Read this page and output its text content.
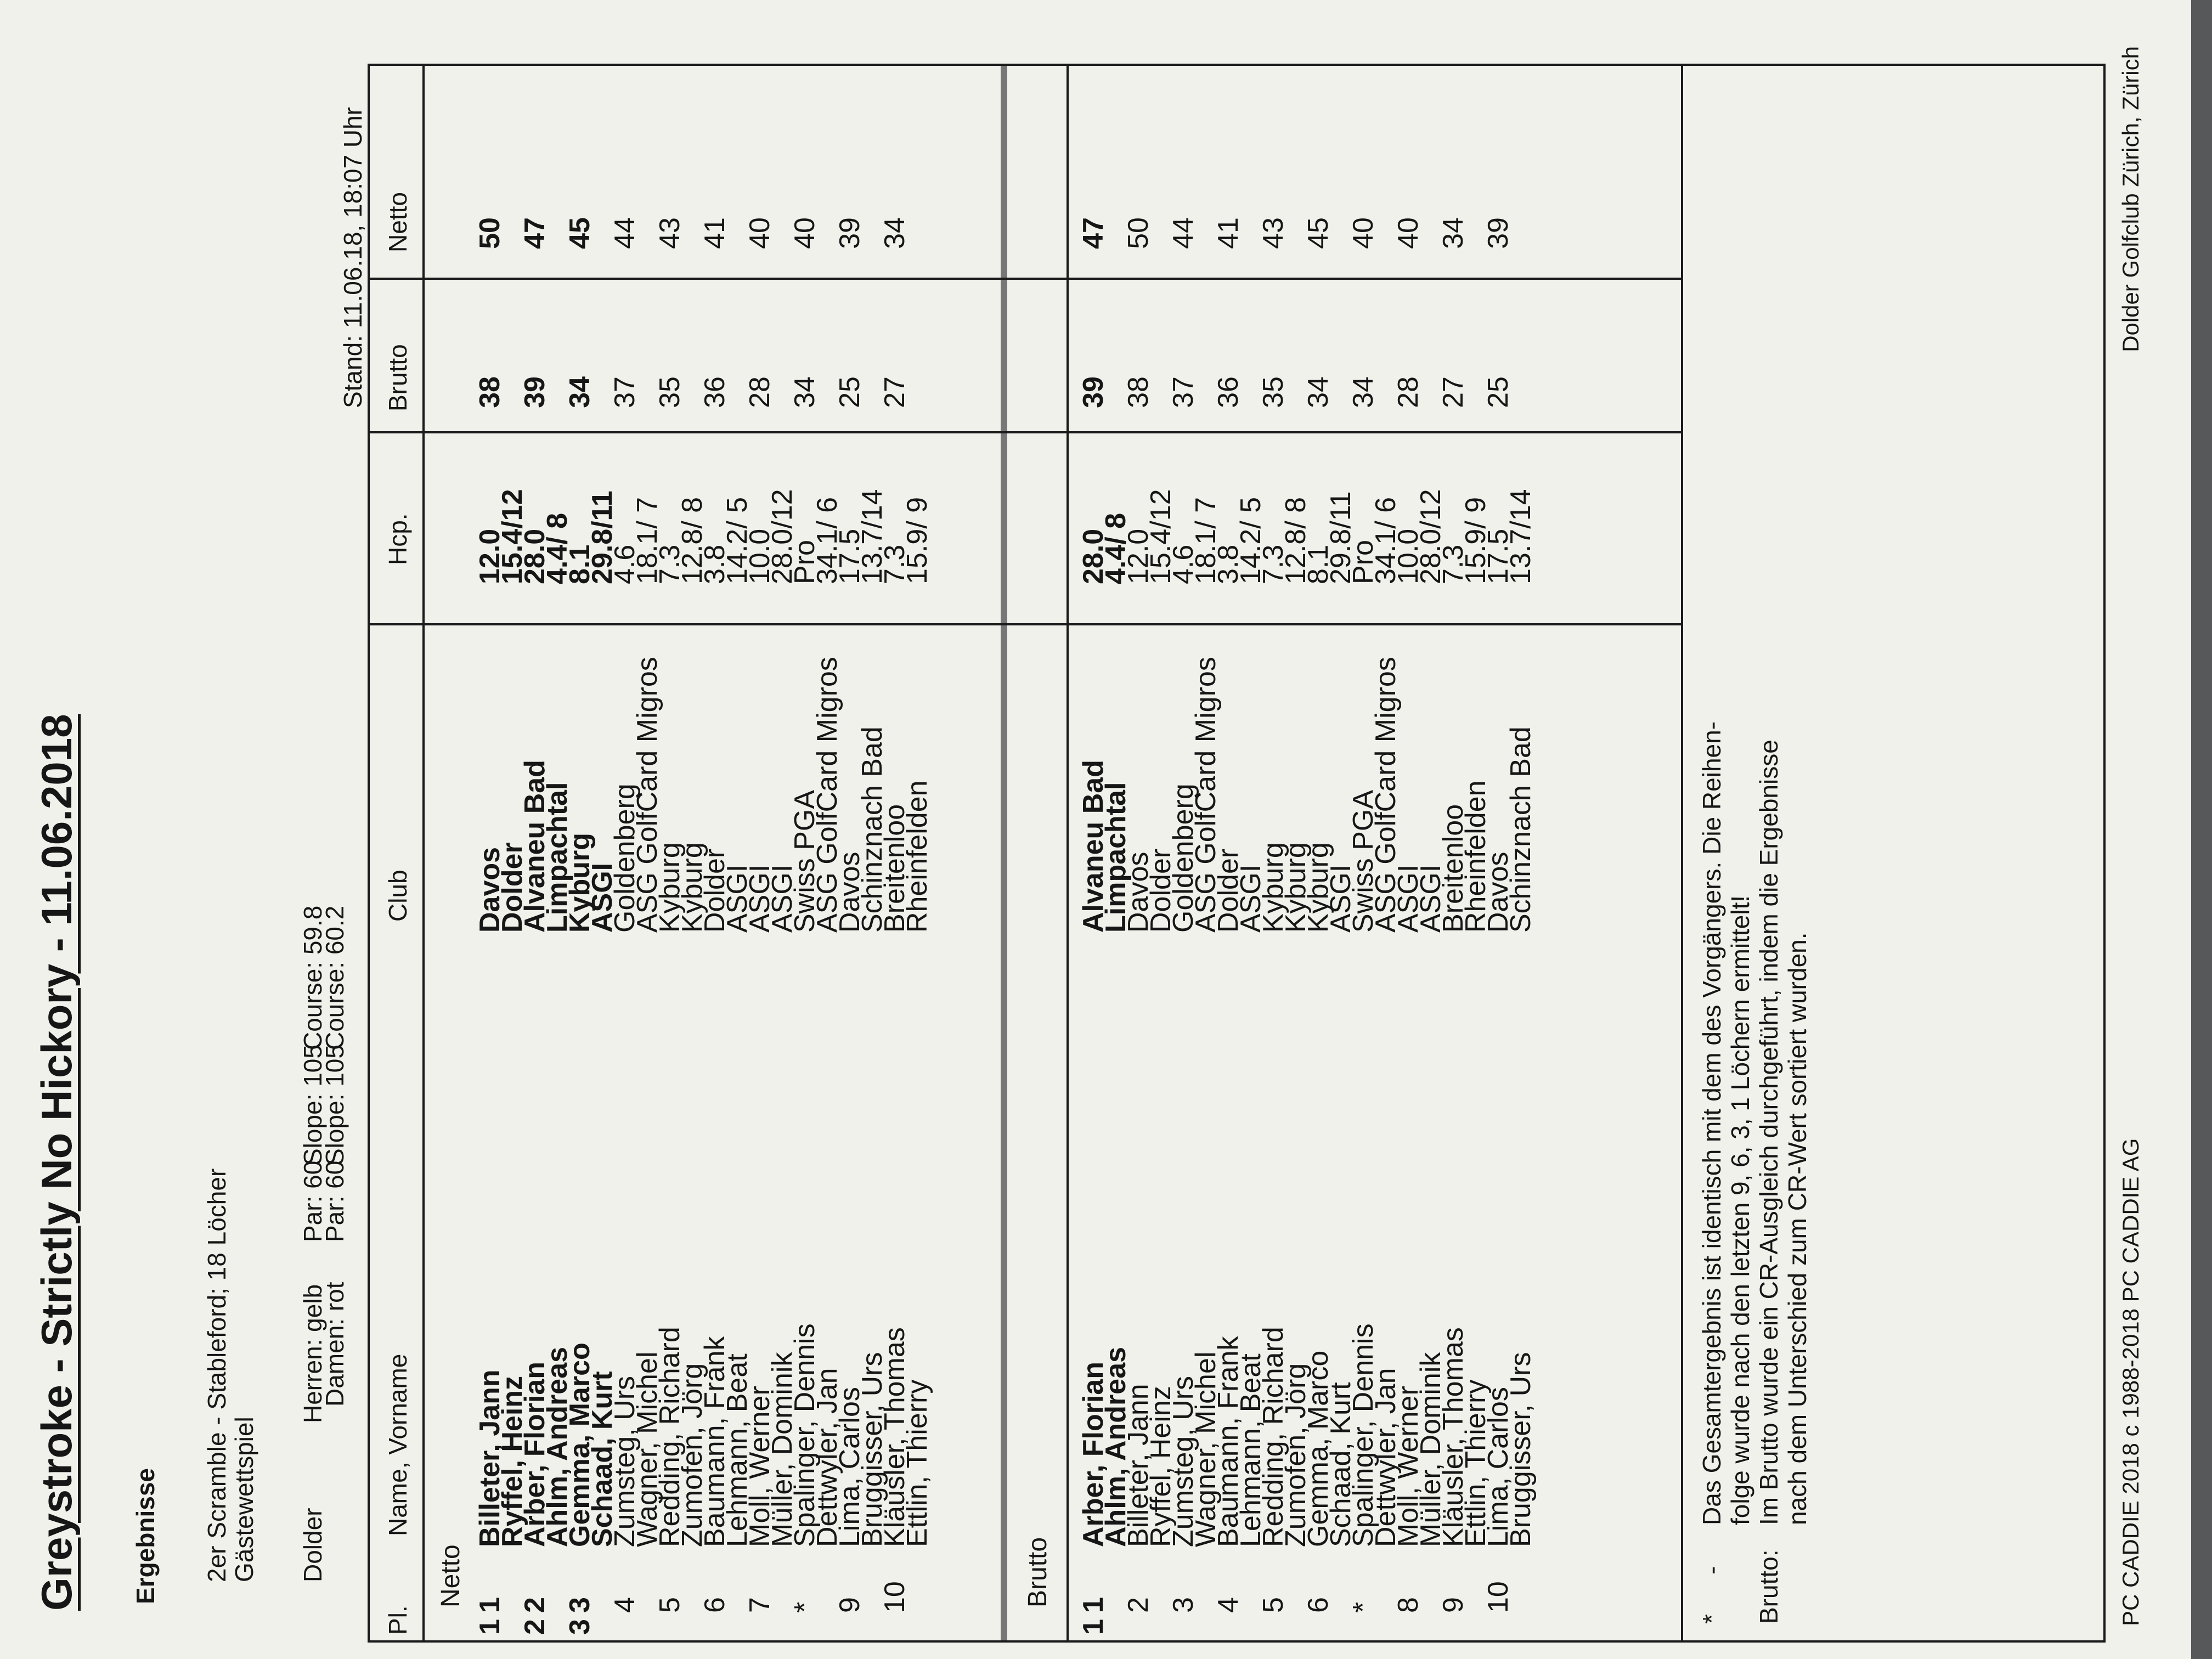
Greystroke - Strictly No Hickory - 11.06.2018 Ergebnisse 2er Scramble - Stableford; 18 Löcher
Gästewettspiel Dolder
Herren: gelb
Damen: rot
Par: 60
Par: 60
Slope: 105
Slope: 105
Course: 59.8
Course: 60.2
Stand: 11.06.18, 18:07 Uhr
Pl.
Name, Vorname
Club
Hcp.
Brutto
Netto
Netto
1
1
Billeter, Jann
Davos
12.0
38
50
Ryffel, Heinz
Dolder
15.4/12
2
2
Arber, Florian
Alvaneu Bad
28.0
39
47
Ahlm, Andreas
Limpachtal
4.4/ 8
3
3
Gemma, Marco
Kyburg
8.1
34
45
Schaad, Kurt
ASGI
29.8/11
4
Zumsteg, Urs
Goldenberg
4.6
37
44
Wagner, Michel
ASG GolfCard Migros
18.1/ 7
5
Redding, Richard
Kyburg
7.3
35
43
Zumofen, Jörg
Kyburg
12.8/ 8
6
Baumann, Frank
Dolder
3.8
36
41
Lehmann, Beat
ASGI
14.2/ 5
7
Moll, Werner
ASGI
10.0
28
40
Müller, Dominik
ASGI
28.0/12
*
Spalinger, Dennis
Swiss PGA
Pro
34
40
Dettwyler, Jan
ASG GolfCard Migros
34.1/ 6
9
Lima, Carlos
Davos
17.5
25
39
Bruggisser, Urs
Schinznach Bad
13.7/14
10
Kläusler, Thomas
Breitenloo
7.3
27
34
Ettlin, Thierry
Rheinfelden
15.9/ 9
Brutto
1
1
Arber, Florian
Alvaneu Bad
28.0
39
47
Ahlm, Andreas
Limpachtal
4.4/ 8
2
Billeter, Jann
Davos
12.0
38
50
Ryffel, Heinz
Dolder
15.4/12
3
Zumsteg, Urs
Goldenberg
4.6
37
44
Wagner, Michel
ASG GolfCard Migros
18.1/ 7
4
Baumann, Frank
Dolder
3.8
36
41
Lehmann, Beat
ASGI
14.2/ 5
5
Redding, Richard
Kyburg
7.3
35
43
Zumofen, Jörg
Kyburg
12.8/ 8
6
Gemma, Marco
Kyburg
8.1
34
45
Schaad, Kurt
ASGI
29.8/11
*
Spalinger, Dennis
Swiss PGA
Pro
34
40
Dettwyler, Jan
ASG GolfCard Migros
34.1/ 6
8
Moll, Werner
ASGI
10.0
28
40
Müller, Dominik
ASGI
28.0/12
9
Kläusler, Thomas
Breitenloo
7.3
27
34
Ettlin, Thierry
Rheinfelden
15.9/ 9
10
Lima, Carlos
Davos
17.5
25
39
Bruggisser, Urs
Schinznach Bad
13.7/14
*-Das Gesamtergebnis ist identisch mit dem des Vorgängers. Die Reihen- folge wurde nach den letzten 9, 6, 3, 1 Löchern ermittelt!
Brutto:Im Brutto wurde ein CR-Ausgleich durchgeführt, indem die Ergebnisse nach dem Unterschied zum CR-Wert sortiert wurden.	PC CADDIE 2018 c 1988-2018 PC CADDIE AG
Dolder Golfclub Zürich, Zürich
